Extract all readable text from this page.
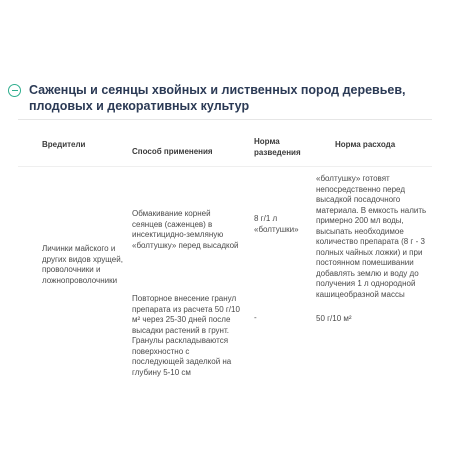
Саженцы и сеянцы хвойных и лиственных пород деревьев, плодовых и декоративных культур
Вредители
Способ применения
Норма разведения
Норма расхода
Личинки майского и других видов хрущей, проволочники и ложнопроволочники
Обмакивание корней сеянцев (саженцев) в инсектицидно-земляную «болтушку» перед высадкой
8 г/1 л «болтушки»
«болтушку» готовят непосредственно перед высадкой посадочного материала. В емкость налить примерно 200 мл воды, высыпать необходимое количество препарата (8 г - 3 полных чайных ложки) и при постоянном помешивании добавлять землю и воду до получения 1 л однородной кашицеобразной массы
Повторное внесение гранул препарата из расчета 50 г/10 м² через 25-30 дней после высадки растений в грунт. Гранулы раскладываются поверхностно с последующей заделкой на глубину 5-10 см
-	50 г/10 м²
